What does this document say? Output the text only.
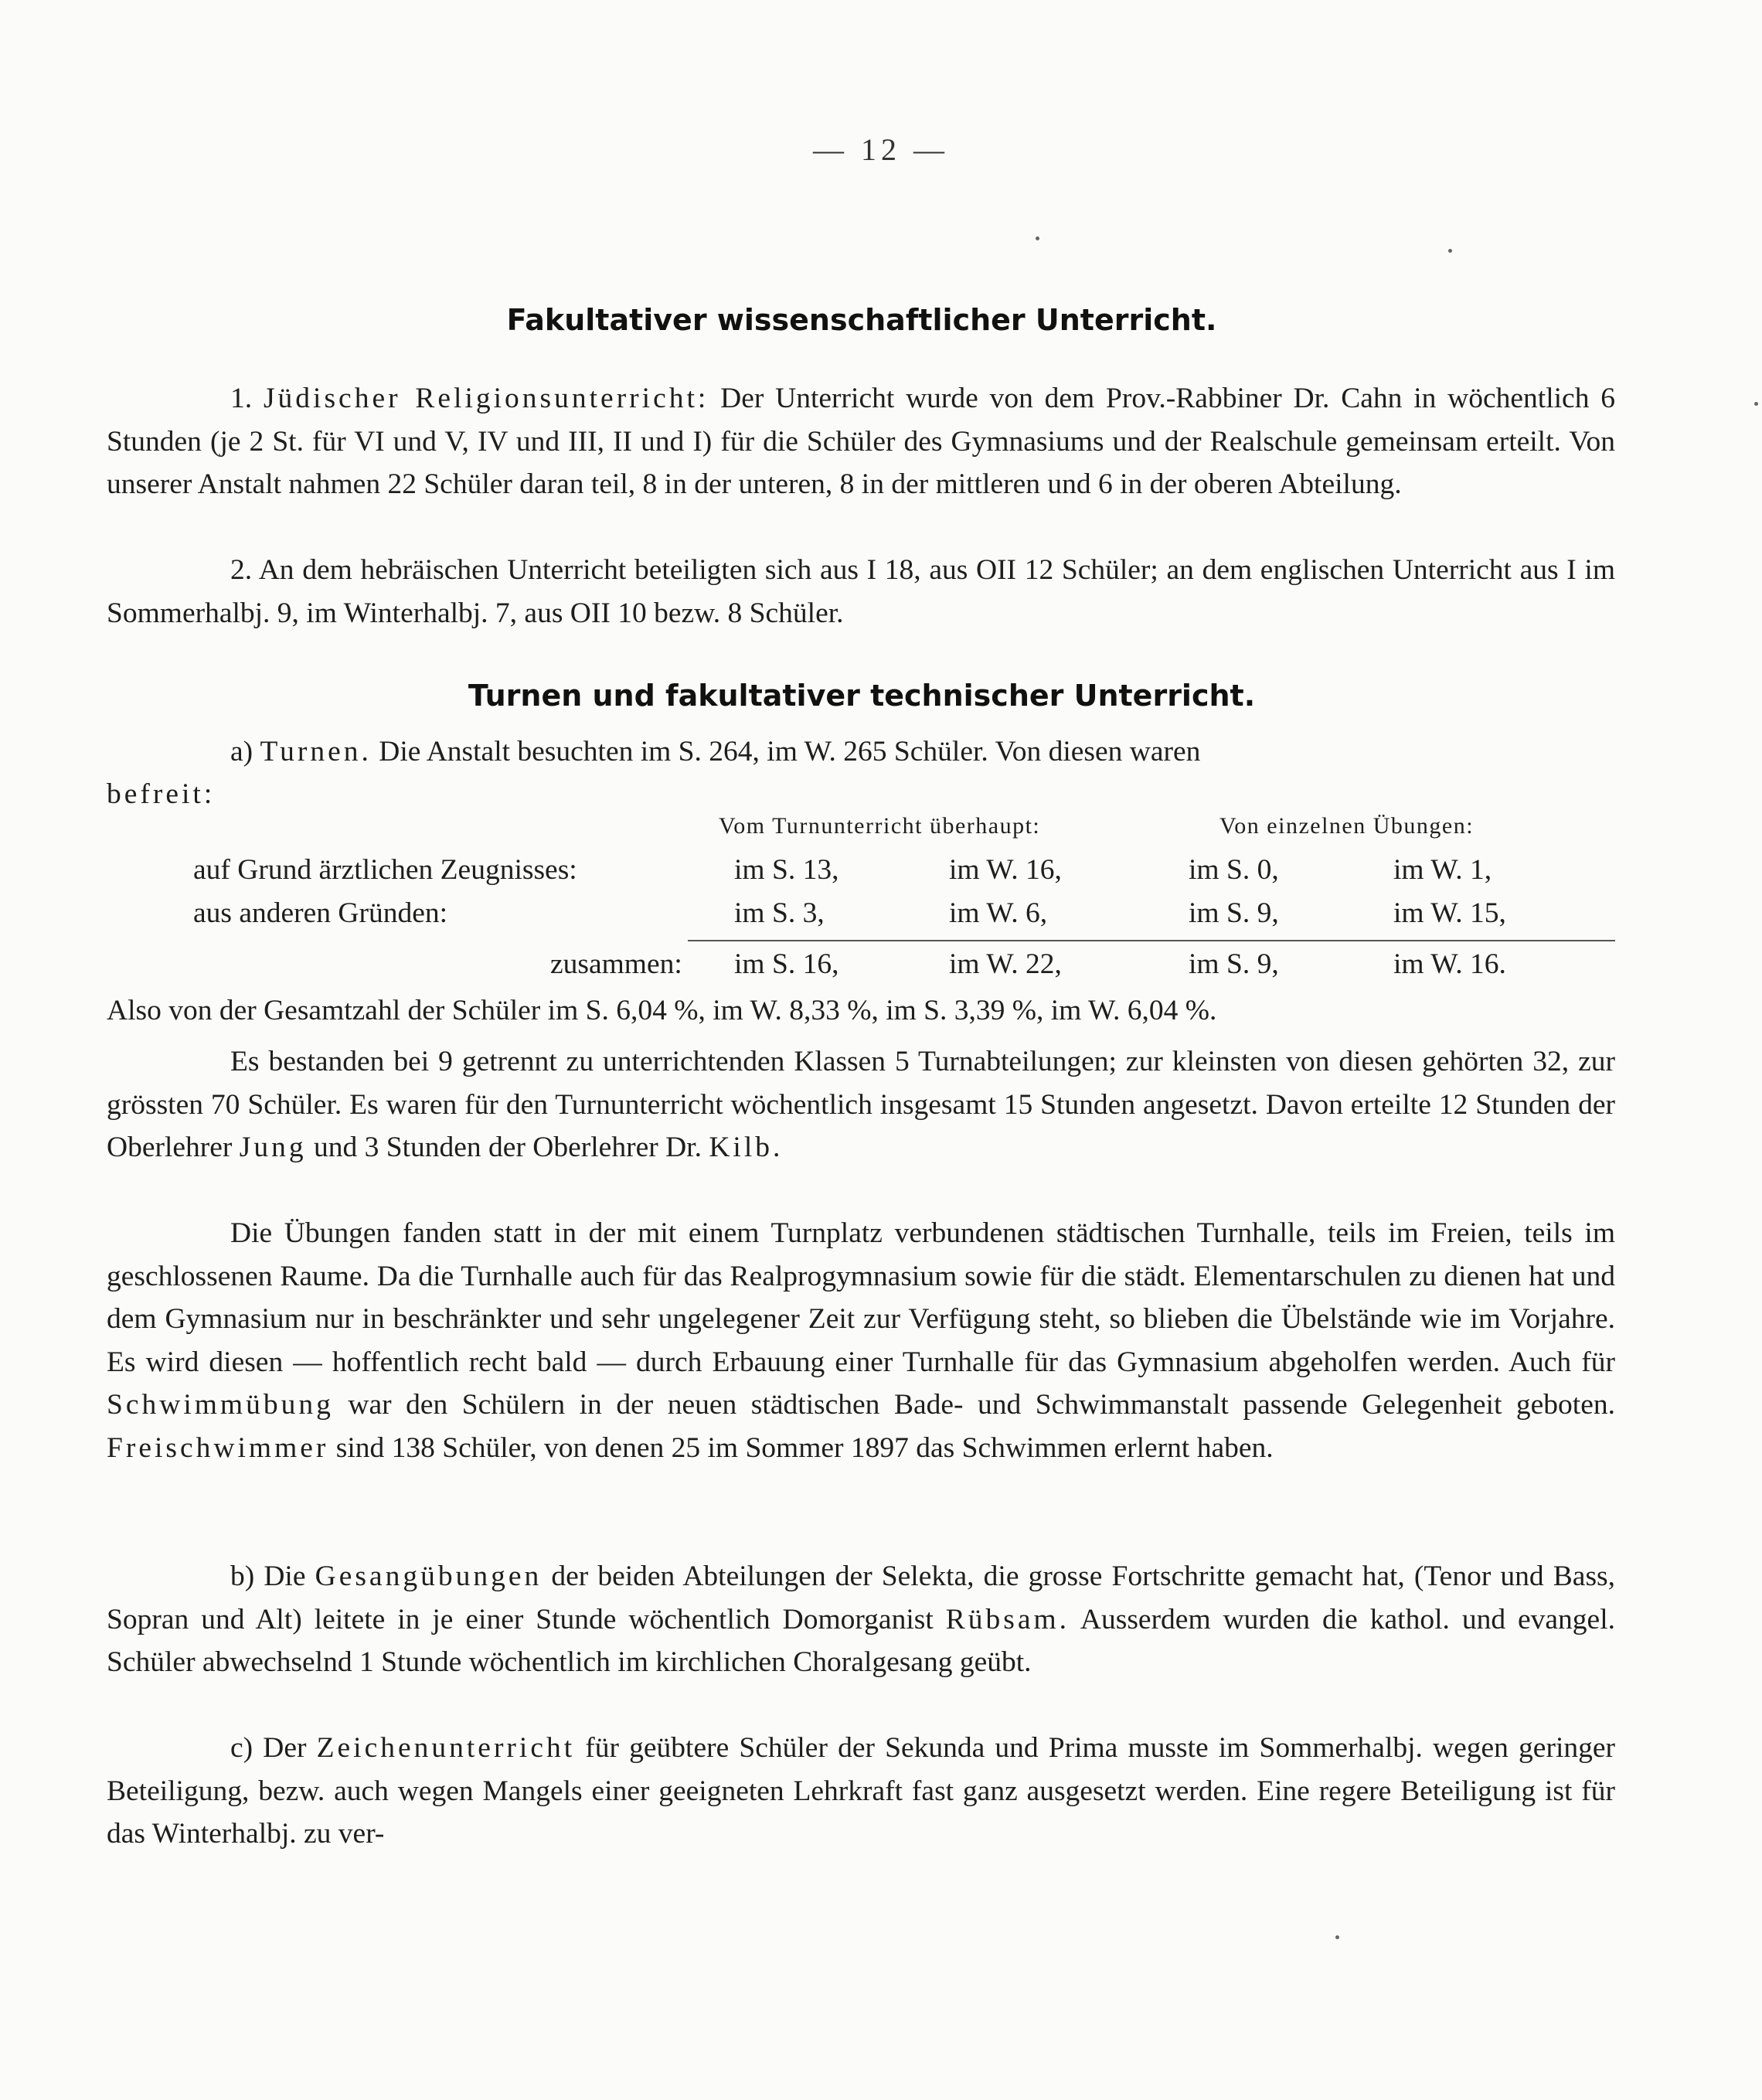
— 12 —
Fakultativer wissenschaftlicher Unterricht.

1. Jüdischer Religionsunterricht: Der Unterricht wurde von dem Prov.-Rabbiner Dr. Cahn in wöchentlich 6 Stunden (je 2 St. für VI und V, IV und III, II und I) für die Schüler des Gymnasiums und der Realschule gemeinsam erteilt. Von unserer Anstalt nahmen 22 Schüler daran teil, 8 in der unteren, 8 in der mittleren und 6 in der oberen Abteilung.

2. An dem hebräischen Unterricht beteiligten sich aus I 18, aus OII 12 Schüler; an dem englischen Unterricht aus I im Sommerhalbj. 9, im Winterhalbj. 7, aus OII 10 bezw. 8 Schüler.

Turnen und fakultativer technischer Unterricht.

a) Turnen. Die Anstalt besuchten im S. 264, im W. 265 Schüler. Von diesen waren

befreit:
Vom Turnunterricht überhaupt:	Von einzelnen Übungen:
auf Grund ärztlichen Zeugnisses:	im S. 13,	im W. 16,	im S. 0,	im W. 1,
aus anderen Gründen:	im S. 3,	im W. 6,	im S. 9,	im W. 15,
zusammen: im S. 16,	im W. 22,	im S. 9,	im W. 16.

Also von der Gesamtzahl der Schüler im S. 6,04 %, im W. 8,33 %, im S. 3,39 %, im W. 6,04 %.

Es bestanden bei 9 getrennt zu unterrichtenden Klassen 5 Turnabteilungen; zur kleinsten von diesen gehörten 32, zur grössten 70 Schüler. Es waren für den Turnunterricht wöchentlich insgesamt 15 Stunden angesetzt. Davon erteilte 12 Stunden der Oberlehrer Jung und 3 Stunden der Oberlehrer Dr. Kilb.

Die Übungen fanden statt in der mit einem Turnplatz verbundenen städtischen Turnhalle, teils im Freien, teils im geschlossenen Raume. Da die Turnhalle auch für das Realprogymnasium sowie für die städt. Elementarschulen zu dienen hat und dem Gymnasium nur in beschränkter und sehr ungelegener Zeit zur Verfügung steht, so blieben die Übelstände wie im Vorjahre. Es wird diesen — hoffentlich recht bald — durch Erbauung einer Turnhalle für das Gymnasium abgeholfen werden. Auch für Schwimmübung war den Schülern in der neuen städtischen Bade- und Schwimmanstalt passende Gelegenheit geboten. Freischwimmer sind 138 Schüler, von denen 25 im Sommer 1897 das Schwimmen erlernt haben.

b) Die Gesangübungen der beiden Abteilungen der Selekta, die grosse Fortschritte gemacht hat, (Tenor und Bass, Sopran und Alt) leitete in je einer Stunde wöchentlich Domorganist Rübsam. Ausserdem wurden die kathol. und evangel. Schüler abwechselnd 1 Stunde wöchentlich im kirchlichen Choralgesang geübt.

c) Der Zeichenunterricht für geübtere Schüler der Sekunda und Prima musste im Sommerhalbj. wegen geringer Beteiligung, bezw. auch wegen Mangels einer geeigneten Lehrkraft fast ganz ausgesetzt werden. Eine regere Beteiligung ist für das Winterhalbj. zu ver-
